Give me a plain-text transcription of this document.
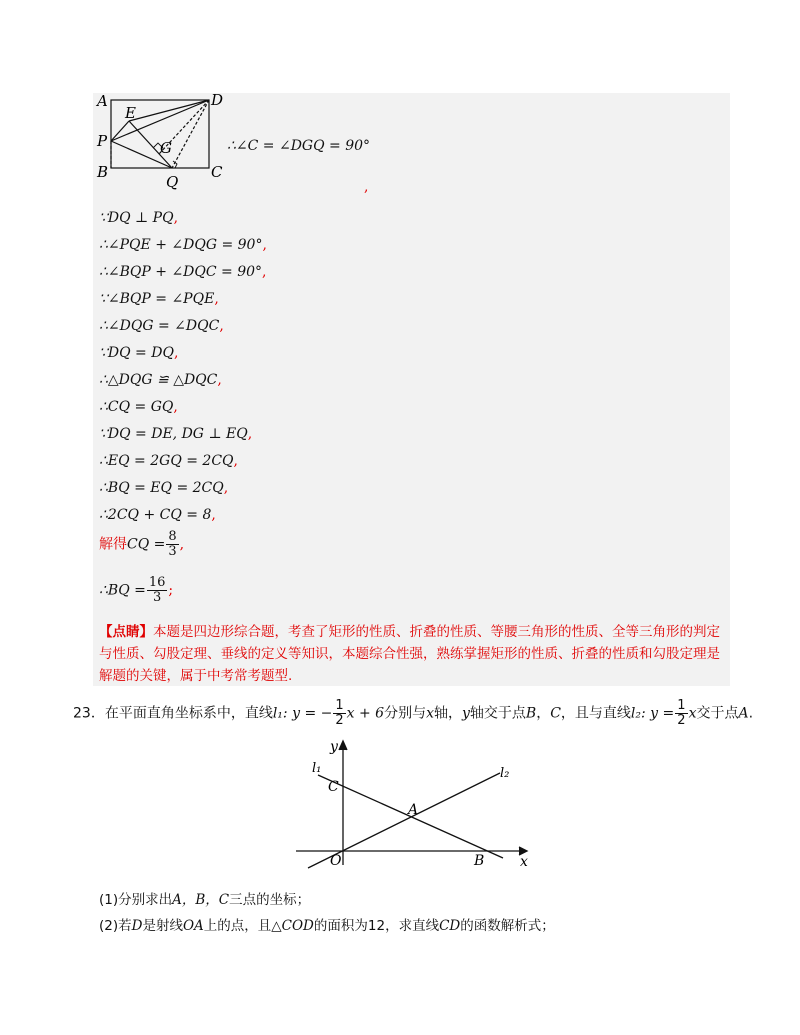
A	D
E
P	G
B
Q
C
∴∠C = ∠DGQ = 90°
,
∵DQ ⊥ PQ,
∴∠PQE + ∠DQG = 90°,
∴∠BQP + ∠DQC = 90°,
∵∠BQP = ∠PQE,
∴∠DQG = ∠DQC,
∵DQ = DQ,
∴△DQG ≌ △DQC,
∴CQ = GQ,
∵DQ = DE, DG ⊥ EQ,
∴EQ = 2GQ = 2CQ,
∴BQ = EQ = 2CQ,
∴2CQ + CQ = 8,
解得CQ = $\frac{8}{3}$ ,
∴BQ = $\frac{16}{3}$ ;
【点睛】本题是四边形综合题，考查了矩形的性质、折叠的性质、等腰三角形的性质、全等三角形的判定与性质、勾股定理、垂线的定义等知识，本题综合性强，熟练掌握矩形的性质、折叠的性质和勾股定理是解题的关键，属于中考常考题型.
23．在平面直角坐标系中，直线l₁: y = − $\frac{1}{2}$ x + 6分别与x轴，y轴交于点B，C，且与直线l₂: $y = \frac{1}{2}$ x交于点A.
y
x
O
C
A
B
l₁	l₂
(1)分别求出A，B，C三点的坐标；
(2)若D是射线OA上的点，且△COD的面积为12，求直线CD的函数解析式；
